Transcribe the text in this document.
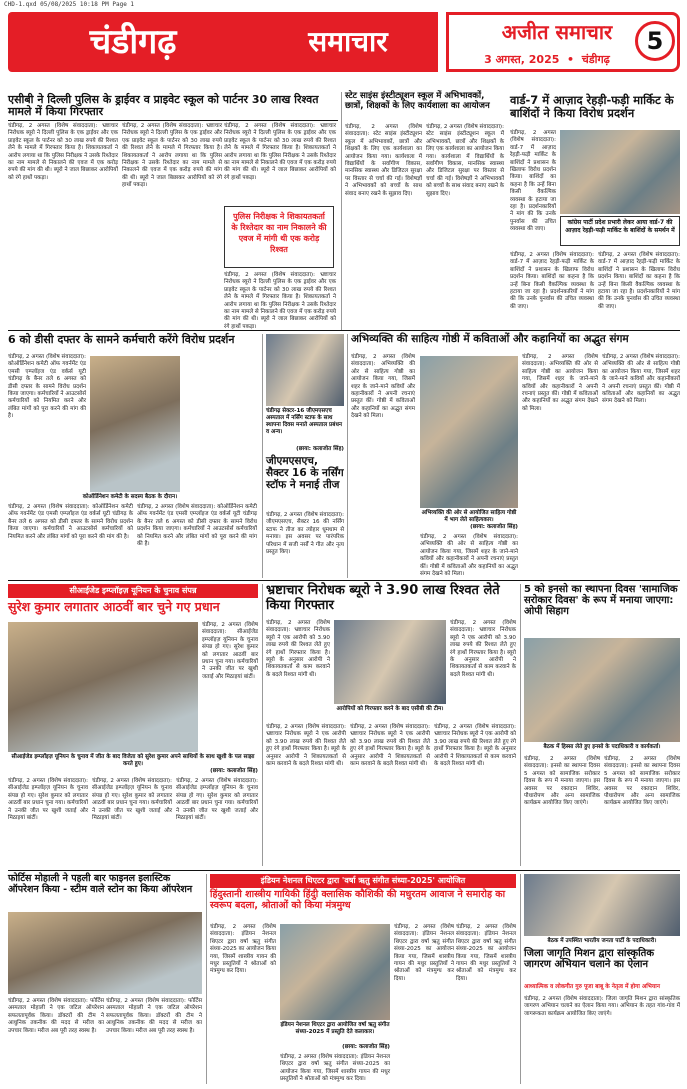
CHD-1.qxd 05/08/2025 10:18 PM Page 1
चंडीगढ़	समाचार	अजीत समाचार
3 अगस्त, 2025  •  चंडीगढ़
5
एसीबी ने दिल्ली पुलिस के ड्राईवर व प्राइवेट स्कूल को पार्टनर 30 लाख रिश्वत मामले में किया गिरफ्तार
चंडीगढ़, 2 अगस्त (विशेष संवाददाता): भ्रष्टाचार निरोधक ब्यूरो ने दिल्ली पुलिस के एक ड्राईवर और एक प्राइवेट स्कूल के पार्टनर को 30 लाख रुपये की रिश्वत लेने के मामले में गिरफ्तार किया है। शिकायतकर्ता ने आरोप लगाया था कि पुलिस निरीक्षक ने उसके रिश्तेदार का नाम मामले से निकालने की एवज में एक करोड़ रुपये की मांग की थी। ब्यूरो ने जाल बिछाकर आरोपियों को रंगे हाथों पकड़ा।
चंडीगढ़, 2 अगस्त (विशेष संवाददाता): भ्रष्टाचार निरोधक ब्यूरो ने दिल्ली पुलिस के एक ड्राईवर और एक प्राइवेट स्कूल के पार्टनर को 30 लाख रुपये की रिश्वत लेने के मामले में गिरफ्तार किया है। शिकायतकर्ता ने आरोप लगाया था कि पुलिस निरीक्षक ने उसके रिश्तेदार का नाम मामले से निकालने की एवज में एक करोड़ रुपये की मांग की थी। ब्यूरो ने जाल बिछाकर आरोपियों को रंगे हाथों पकड़ा।
पुलिस निरीक्षक ने शिकायतकर्ता के रिश्तेदार का नाम निकालने की एवज में मांगी थी एक करोड़ रिश्वत
चंडीगढ़, 2 अगस्त (विशेष संवाददाता): भ्रष्टाचार निरोधक ब्यूरो ने दिल्ली पुलिस के एक ड्राईवर और एक प्राइवेट स्कूल के पार्टनर को 30 लाख रुपये की रिश्वत लेने के मामले में गिरफ्तार किया है। शिकायतकर्ता ने आरोप लगाया था कि पुलिस निरीक्षक ने उसके रिश्तेदार का नाम मामले से निकालने की एवज में एक करोड़ रुपये की मांग की थी। ब्यूरो ने जाल बिछाकर आरोपियों को रंगे हाथों पकड़ा।
चंडीगढ़, 2 अगस्त (विशेष संवाददाता): भ्रष्टाचार निरोधक ब्यूरो ने दिल्ली पुलिस के एक ड्राईवर और एक प्राइवेट स्कूल के पार्टनर को 30 लाख रुपये की रिश्वत लेने के मामले में गिरफ्तार किया है। शिकायतकर्ता ने आरोप लगाया था कि पुलिस निरीक्षक ने उसके रिश्तेदार का नाम मामले से निकालने की एवज में एक करोड़ रुपये की मांग की थी। ब्यूरो ने जाल बिछाकर आरोपियों को रंगे हाथों पकड़ा।
स्टेट साइंस इंस्टीट्यूशन स्कूल में अभिभावकों, छात्रों, शिक्षकों के लिए कार्यशाला का आयोजन
चंडीगढ़, 2 अगस्त (विशेष संवाददाता): स्टेट साइंस इंस्टीट्यूशन स्कूल में अभिभावकों, छात्रों और शिक्षकों के लिए एक कार्यशाला का आयोजन किया गया। कार्यशाला में विद्यार्थियों के सर्वांगीण विकास, मानसिक स्वास्थ्य और डिजिटल सुरक्षा पर विस्तार से चर्चा की गई। विशेषज्ञों ने अभिभावकों को बच्चों के साथ संवाद बनाए रखने के सुझाव दिए।
चंडीगढ़, 2 अगस्त (विशेष संवाददाता): स्टेट साइंस इंस्टीट्यूशन स्कूल में अभिभावकों, छात्रों और शिक्षकों के लिए एक कार्यशाला का आयोजन किया गया। कार्यशाला में विद्यार्थियों के सर्वांगीण विकास, मानसिक स्वास्थ्य और डिजिटल सुरक्षा पर विस्तार से चर्चा की गई। विशेषज्ञों ने अभिभावकों को बच्चों के साथ संवाद बनाए रखने के सुझाव दिए।
वार्ड-7 में आज़ाद रेहड़ी-फड़ी मार्किट के बाशिंदों ने किया विरोध प्रदर्शन
चंडीगढ़, 2 अगस्त (विशेष संवाददाता): वार्ड-7 में आज़ाद रेहड़ी-फड़ी मार्किट के बाशिंदों ने प्रशासन के खिलाफ विरोध प्रदर्शन किया। बाशिंदों का कहना है कि उन्हें बिना किसी वैकल्पिक व्यवस्था के हटाया जा रहा है। प्रदर्शनकारियों ने मांग की कि उनके पुनर्वास की उचित व्यवस्था की जाए।
कांग्रेस पार्टी प्रदेश प्रभारी लेकर आया वार्ड-7 की आज़ाद रेहड़ी-फड़ी मार्किट के बाशिंदों के समर्थन में
चंडीगढ़, 2 अगस्त (विशेष संवाददाता): वार्ड-7 में आज़ाद रेहड़ी-फड़ी मार्किट के बाशिंदों ने प्रशासन के खिलाफ विरोध प्रदर्शन किया। बाशिंदों का कहना है कि उन्हें बिना किसी वैकल्पिक व्यवस्था के हटाया जा रहा है। प्रदर्शनकारियों ने मांग की कि उनके पुनर्वास की उचित व्यवस्था की जाए।
चंडीगढ़, 2 अगस्त (विशेष संवाददाता): वार्ड-7 में आज़ाद रेहड़ी-फड़ी मार्किट के बाशिंदों ने प्रशासन के खिलाफ विरोध प्रदर्शन किया। बाशिंदों का कहना है कि उन्हें बिना किसी वैकल्पिक व्यवस्था के हटाया जा रहा है। प्रदर्शनकारियों ने मांग की कि उनके पुनर्वास की उचित व्यवस्था की जाए।
6 को डीसी दफ्तर के सामने कर्मचारी करेंगे विरोध प्रदर्शन
चंडीगढ़, 2 अगस्त (विशेष संवाददाता): कोऑर्डिनेशन कमेटी ऑफ गवर्नमेंट एंड एमसी एम्प्लॉइज एंड वर्कर्स यूटी चंडीगढ़ के बैनर तले 6 अगस्त को डीसी दफ्तर के सामने विरोध प्रदर्शन किया जाएगा। कर्मचारियों ने आउटसोर्स कर्मचारियों को नियमित करने और लंबित मांगों को पूरा करने की मांग की है।
कोऑर्डिनेशन कमेटी के सदस्य बैठक के दौरान।
चंडीगढ़, 2 अगस्त (विशेष संवाददाता): कोऑर्डिनेशन कमेटी ऑफ गवर्नमेंट एंड एमसी एम्प्लॉइज एंड वर्कर्स यूटी चंडीगढ़ के बैनर तले 6 अगस्त को डीसी दफ्तर के सामने विरोध प्रदर्शन किया जाएगा। कर्मचारियों ने आउटसोर्स कर्मचारियों को नियमित करने और लंबित मांगों को पूरा करने की मांग की है।
चंडीगढ़, 2 अगस्त (विशेष संवाददाता): कोऑर्डिनेशन कमेटी ऑफ गवर्नमेंट एंड एमसी एम्प्लॉइज एंड वर्कर्स यूटी चंडीगढ़ के बैनर तले 6 अगस्त को डीसी दफ्तर के सामने विरोध प्रदर्शन किया जाएगा। कर्मचारियों ने आउटसोर्स कर्मचारियों को नियमित करने और लंबित मांगों को पूरा करने की मांग की है।
चंडीगढ़ सेक्टर-16 जीएमएसएच अस्पताल में नर्सिंग स्टाफ के साथ स्थापना दिवस मनाते अस्पताल प्रबंधन व अन्य।
(छाया: कलाजोत सिंह)
जीएमएसएच, सैक्टर 16 के नर्सिंग स्टॉफ ने मनाई तीज
चंडीगढ़, 2 अगस्त (विशेष संवाददाता): जीएमएसएच, सैक्टर 16 की नर्सिंग स्टाफ ने तीज का त्योहार धूमधाम से मनाया। इस अवसर पर पारंपरिक परिधान में सजी नर्सों ने गीत और नृत्य प्रस्तुत किए।
अभिव्यक्ति की साहित्य गोष्ठी में कविताओं और कहानियों का अद्भुत संगम
चंडीगढ़, 2 अगस्त (विशेष संवाददाता): अभिव्यक्ति की ओर से साहित्य गोष्ठी का आयोजन किया गया, जिसमें शहर के जाने-माने कवियों और कहानीकारों ने अपनी रचनाएं प्रस्तुत कीं। गोष्ठी में कविताओं और कहानियों का अद्भुत संगम देखने को मिला।
अभिव्यक्ति की ओर से आयोजित साहित्य गोष्ठी में भाग लेते साहित्यकार।
(छाया: कलाजोत सिंह)
चंडीगढ़, 2 अगस्त (विशेष संवाददाता): अभिव्यक्ति की ओर से साहित्य गोष्ठी का आयोजन किया गया, जिसमें शहर के जाने-माने कवियों और कहानीकारों ने अपनी रचनाएं प्रस्तुत कीं। गोष्ठी में कविताओं और कहानियों का अद्भुत संगम देखने को मिला।
चंडीगढ़, 2 अगस्त (विशेष संवाददाता): अभिव्यक्ति की ओर से साहित्य गोष्ठी का आयोजन किया गया, जिसमें शहर के जाने-माने कवियों और कहानीकारों ने अपनी रचनाएं प्रस्तुत कीं। गोष्ठी में कविताओं और कहानियों का अद्भुत संगम देखने को मिला।
चंडीगढ़, 2 अगस्त (विशेष संवाददाता): अभिव्यक्ति की ओर से साहित्य गोष्ठी का आयोजन किया गया, जिसमें शहर के जाने-माने कवियों और कहानीकारों ने अपनी रचनाएं प्रस्तुत कीं। गोष्ठी में कविताओं और कहानियों का अद्भुत संगम देखने को मिला।
सीआईजेड इम्प्लॉइज़ यूनियन के चुनाव संपन्न
सुरेश कुमार लगातार आठवीं बार चुने गए प्रधान
चंडीगढ़, 2 अगस्त (विशेष संवाददाता): सीआईजेड इम्प्लॉइज़ यूनियन के चुनाव संपन्न हो गए। सुरेश कुमार को लगातार आठवीं बार प्रधान चुना गया। कर्मचारियों ने उनकी जीत पर खुशी जताई और मिठाइयां बांटीं।
सीआईजेड इम्प्लॉइज़ यूनियन के चुनाव में जीत के बाद विजेता को सुरेश कुमार अपने साथियों के साथ खुशी के पल साझा करते हुए।
(छाया: कलाजोत सिंह)
चंडीगढ़, 2 अगस्त (विशेष संवाददाता): सीआईजेड इम्प्लॉइज़ यूनियन के चुनाव संपन्न हो गए। सुरेश कुमार को लगातार आठवीं बार प्रधान चुना गया। कर्मचारियों ने उनकी जीत पर खुशी जताई और मिठाइयां बांटीं।
चंडीगढ़, 2 अगस्त (विशेष संवाददाता): सीआईजेड इम्प्लॉइज़ यूनियन के चुनाव संपन्न हो गए। सुरेश कुमार को लगातार आठवीं बार प्रधान चुना गया। कर्मचारियों ने उनकी जीत पर खुशी जताई और मिठाइयां बांटीं।
चंडीगढ़, 2 अगस्त (विशेष संवाददाता): सीआईजेड इम्प्लॉइज़ यूनियन के चुनाव संपन्न हो गए। सुरेश कुमार को लगातार आठवीं बार प्रधान चुना गया। कर्मचारियों ने उनकी जीत पर खुशी जताई और मिठाइयां बांटीं।
भ्रष्टाचार निरोधक ब्यूरो ने 3.90 लाख रिश्वत लेते किया गिरफ्तार
चंडीगढ़, 2 अगस्त (विशेष संवाददाता): भ्रष्टाचार निरोधक ब्यूरो ने एक आरोपी को 3.90 लाख रुपये की रिश्वत लेते हुए रंगे हाथों गिरफ्तार किया है। ब्यूरो के अनुसार आरोपी ने शिकायतकर्ता से काम करवाने के बदले रिश्वत मांगी थी।
आरोपियों को गिरफ्तार करने के बाद एसीबी की टीम।
चंडीगढ़, 2 अगस्त (विशेष संवाददाता): भ्रष्टाचार निरोधक ब्यूरो ने एक आरोपी को 3.90 लाख रुपये की रिश्वत लेते हुए रंगे हाथों गिरफ्तार किया है। ब्यूरो के अनुसार आरोपी ने शिकायतकर्ता से काम करवाने के बदले रिश्वत मांगी थी।
चंडीगढ़, 2 अगस्त (विशेष संवाददाता): भ्रष्टाचार निरोधक ब्यूरो ने एक आरोपी को 3.90 लाख रुपये की रिश्वत लेते हुए रंगे हाथों गिरफ्तार किया है। ब्यूरो के अनुसार आरोपी ने शिकायतकर्ता से काम करवाने के बदले रिश्वत मांगी थी।
चंडीगढ़, 2 अगस्त (विशेष संवाददाता): भ्रष्टाचार निरोधक ब्यूरो ने एक आरोपी को 3.90 लाख रुपये की रिश्वत लेते हुए रंगे हाथों गिरफ्तार किया है। ब्यूरो के अनुसार आरोपी ने शिकायतकर्ता से काम करवाने के बदले रिश्वत मांगी थी।
चंडीगढ़, 2 अगस्त (विशेष संवाददाता): भ्रष्टाचार निरोधक ब्यूरो ने एक आरोपी को 3.90 लाख रुपये की रिश्वत लेते हुए रंगे हाथों गिरफ्तार किया है। ब्यूरो के अनुसार आरोपी ने शिकायतकर्ता से काम करवाने के बदले रिश्वत मांगी थी।
5 को इनसो का स्थापना दिवस 'सामाजिक सरोकार दिवस' के रूप में मनाया जाएगा: ओपी सिहाग
बैठक में हिस्सा लेते हुए इनसो के पदाधिकारी व कार्यकर्ता।
चंडीगढ़, 2 अगस्त (विशेष संवाददाता): इनसो का स्थापना दिवस 5 अगस्त को सामाजिक सरोकार दिवस के रूप में मनाया जाएगा। इस अवसर पर रक्तदान शिविर, पौधारोपण और अन्य सामाजिक कार्यक्रम आयोजित किए जाएंगे।
चंडीगढ़, 2 अगस्त (विशेष संवाददाता): इनसो का स्थापना दिवस 5 अगस्त को सामाजिक सरोकार दिवस के रूप में मनाया जाएगा। इस अवसर पर रक्तदान शिविर, पौधारोपण और अन्य सामाजिक कार्यक्रम आयोजित किए जाएंगे।
फोर्टिस मोहाली ने पहली बार फाइनल इलास्टिक ऑपरेशन किया - स्टीम वाले स्टोन का किया ऑपरेशन
चंडीगढ़, 2 अगस्त (विशेष संवाददाता): फोर्टिस अस्पताल मोहाली ने एक जटिल ऑपरेशन सफलतापूर्वक किया। डॉक्टरों की टीम ने आधुनिक तकनीक की मदद से मरीज का उपचार किया। मरीज अब पूरी तरह स्वस्थ है।
चंडीगढ़, 2 अगस्त (विशेष संवाददाता): फोर्टिस अस्पताल मोहाली ने एक जटिल ऑपरेशन सफलतापूर्वक किया। डॉक्टरों की टीम ने आधुनिक तकनीक की मदद से मरीज का उपचार किया। मरीज अब पूरी तरह स्वस्थ है।
इंडियन नेशनल थिएटर द्वारा 'वर्षा ऋतु संगीत संध्या-2025' आयोजित
हिंदुस्तानी शास्त्रीय गायिकी हिंदुी क्लासिक कौशिकी की मधुरतम आवाज ने समारोह का स्वरूप बदला, श्रोताओं को किया मंत्रमुग्ध
चंडीगढ़, 2 अगस्त (विशेष संवाददाता): इंडियन नेशनल थिएटर द्वारा वर्षा ऋतु संगीत संध्या-2025 का आयोजन किया गया, जिसमें शास्त्रीय गायन की मधुर प्रस्तुतियों ने श्रोताओं को मंत्रमुग्ध कर दिया।
इंडियन नेशनल थिएटर द्वारा आयोजित वर्षा ऋतु संगीत संध्या-2025 में प्रस्तुति देते कलाकार।
(छाया: कलाजोत सिंह)
चंडीगढ़, 2 अगस्त (विशेष संवाददाता): इंडियन नेशनल थिएटर द्वारा वर्षा ऋतु संगीत संध्या-2025 का आयोजन किया गया, जिसमें शास्त्रीय गायन की मधुर प्रस्तुतियों ने श्रोताओं को मंत्रमुग्ध कर दिया।
चंडीगढ़, 2 अगस्त (विशेष संवाददाता): इंडियन नेशनल थिएटर द्वारा वर्षा ऋतु संगीत संध्या-2025 का आयोजन किया गया, जिसमें शास्त्रीय गायन की मधुर प्रस्तुतियों ने श्रोताओं को मंत्रमुग्ध कर दिया।
चंडीगढ़, 2 अगस्त (विशेष संवाददाता): इंडियन नेशनल थिएटर द्वारा वर्षा ऋतु संगीत संध्या-2025 का आयोजन किया गया, जिसमें शास्त्रीय गायन की मधुर प्रस्तुतियों ने श्रोताओं को मंत्रमुग्ध कर दिया।
बैठक में उपस्थित भारतीय जनता पार्टी के पदाधिकारी।
जिला जागृति मिशन द्वारा सांस्कृतिक जागरण अभियान चलाने का ऐलान
आध्यात्मिक व लोकगीत गुरु पूजा बाबू के नेतृत्व में होगा अभियान
चंडीगढ़, 2 अगस्त (विशेष संवाददाता): जिला जागृति मिशन द्वारा सांस्कृतिक जागरण अभियान चलाने का ऐलान किया गया। अभियान के तहत गांव-गांव में जागरूकता कार्यक्रम आयोजित किए जाएंगे।
